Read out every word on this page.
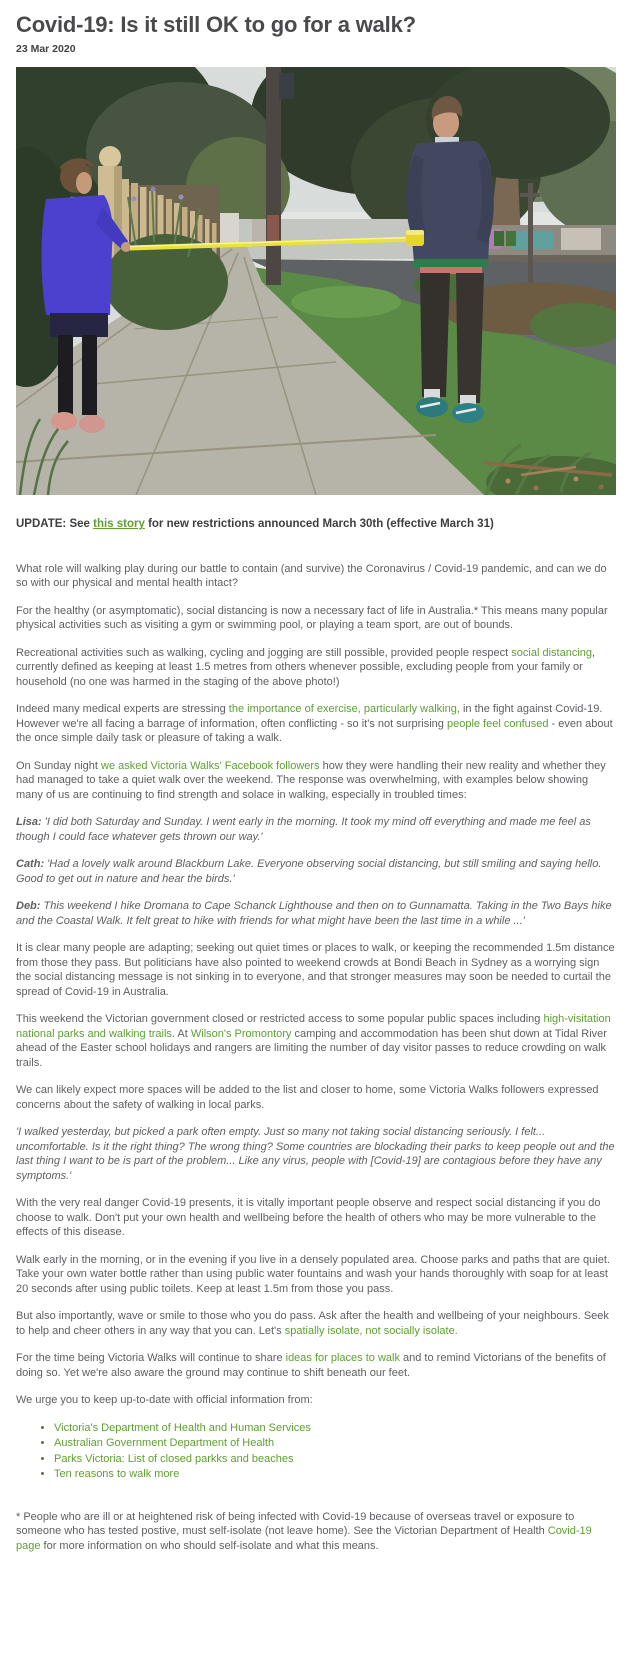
Covid-19: Is it still OK to go for a walk?
23 Mar 2020

UPDATE: See this story for new restrictions announced March 30th (effective March 31)

What role will walking play during our battle to contain (and survive) the Coronavirus / Covid-19 pandemic, and can we do so with our physical and mental health intact?

For the healthy (or asymptomatic), social distancing is now a necessary fact of life in Australia.* This means many popular physical activities such as visiting a gym or swimming pool, or playing a team sport, are out of bounds.

Recreational activities such as walking, cycling and jogging are still possible, provided people respect social distancing, currently defined as keeping at least 1.5 metres from others whenever possible, excluding people from your family or household (no one was harmed in the staging of the above photo!)

Indeed many medical experts are stressing the importance of exercise, particularly walking, in the fight against Covid-19. However we're all facing a barrage of information, often conflicting - so it's not surprising people feel confused - even about the once simple daily task or pleasure of taking a walk.

On Sunday night we asked Victoria Walks' Facebook followers how they were handling their new reality and whether they had managed to take a quiet walk over the weekend. The response was overwhelming, with examples below showing many of us are continuing to find strength and solace in walking, especially in troubled times:

Lisa: 'I did both Saturday and Sunday. I went early in the morning. It took my mind off everything and made me feel as though I could face whatever gets thrown our way.'

Cath: 'Had a lovely walk around Blackburn Lake. Everyone observing social distancing, but still smiling and saying hello. Good to get out in nature and hear the birds.'

Deb: This weekend I hike Dromana to Cape Schanck Lighthouse and then on to Gunnamatta. Taking in the Two Bays hike and the Coastal Walk. It felt great to hike with friends for what might have been the last time in a while ...'

It is clear many people are adapting; seeking out quiet times or places to walk, or keeping the recommended 1.5m distance from those they pass. But politicians have also pointed to weekend crowds at Bondi Beach in Sydney as a worrying sign the social distancing message is not sinking in to everyone, and that stronger measures may soon be needed to curtail the spread of Covid-19 in Australia.

This weekend the Victorian government closed or restricted access to some popular public spaces including high-visitation national parks and walking trails. At Wilson's Promontory camping and accommodation has been shut down at Tidal River ahead of the Easter school holidays and rangers are limiting the number of day visitor passes to reduce crowding on walk trails.

We can likely expect more spaces will be added to the list and closer to home, some Victoria Walks followers expressed concerns about the safety of walking in local parks.

'I walked yesterday, but picked a park often empty. Just so many not taking social distancing seriously. I felt... uncomfortable. Is it the right thing? The wrong thing? Some countries are blockading their parks to keep people out and the last thing I want to be is part of the problem... Like any virus, people with [Covid-19] are contagious before they have any symptoms.'

With the very real danger Covid-19 presents, it is vitally important people observe and respect social distancing if you do choose to walk. Don't put your own health and wellbeing before the health of others who may be more vulnerable to the effects of this disease.

Walk early in the morning, or in the evening if you live in a densely populated area. Choose parks and paths that are quiet. Take your own water bottle rather than using public water fountains and wash your hands thoroughly with soap for at least 20 seconds after using public toilets. Keep at least 1.5m from those you pass.

But also importantly, wave or smile to those who you do pass. Ask after the health and wellbeing of your neighbours. Seek to help and cheer others in any way that you can. Let's spatially isolate, not socially isolate.

For the time being Victoria Walks will continue to share ideas for places to walk and to remind Victorians of the benefits of doing so. Yet we're also aware the ground may continue to shift beneath our feet.

We urge you to keep up-to-date with official information from:

• Victoria's Department of Health and Human Services
• Australian Government Department of Health
• Parks Victoria: List of closed parkks and beaches
• Ten reasons to walk more

* People who are ill or at heightened risk of being infected with Covid-19 because of overseas travel or exposure to someone who has tested postive, must self-isolate (not leave home). See the Victorian Department of Health Covid-19 page for more information on who should self-isolate and what this means.
